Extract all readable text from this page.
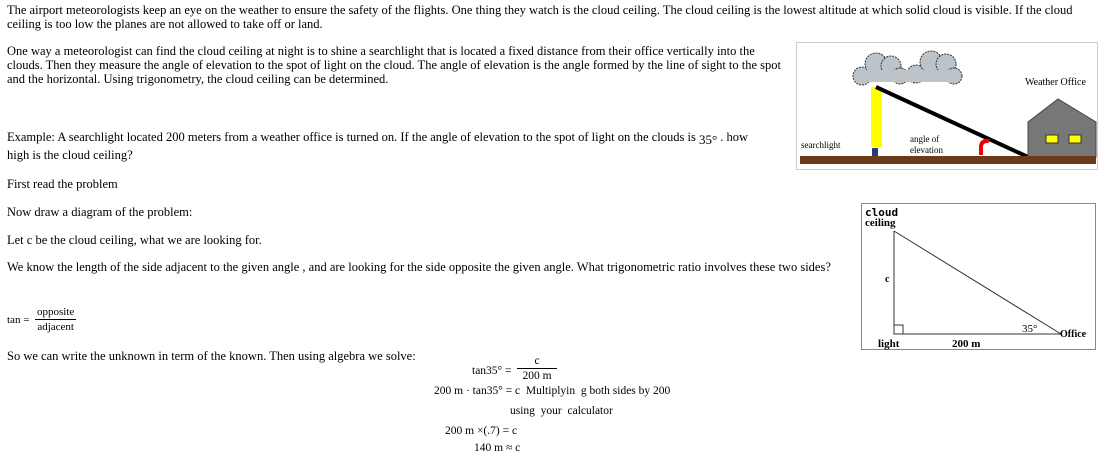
The airport meteorologists keep an eye on the weather to ensure the safety of the flights. One thing they watch is the cloud ceiling. The cloud ceiling is the lowest altitude at which solid cloud is visible. If the cloud ceiling is too low the planes are not allowed to take off or land.
One way a meteorologist can find the cloud ceiling at night is to shine a searchlight that is located a fixed distance from their office vertically into the clouds. Then they measure the angle of elevation to the spot of light on the cloud. The angle of elevation is the angle formed by the line of sight to the spot and the horizontal. Using trigonometry, the cloud ceiling can be determined.
Example: A searchlight located 200 meters from a weather office is turned on. If the angle of elevation to the spot of light on the clouds is 35° . how
high is the cloud ceiling?
First read the problem
Now draw a diagram of the problem:
Let c be the cloud ceiling, what we are looking for.
We know the length of the side adjacent to the given angle , and are looking for the side opposite the given angle. What trigonometric ratio involves these two sides?
tan =
opposite
adjacent
So we can write the unknown in term of the known. Then using algebra we solve:
$\tan 35^\circ = \frac{c}{200 m}$
200 m · tan35° = c  Multiplyin  g both sides by 200
using  your  calculator
200 m ×(.7) = c
140 m ≈ c
Weather Office
searchlight
angle of
elevation
cloud
ceiling
c
35° Office
light	200 m
